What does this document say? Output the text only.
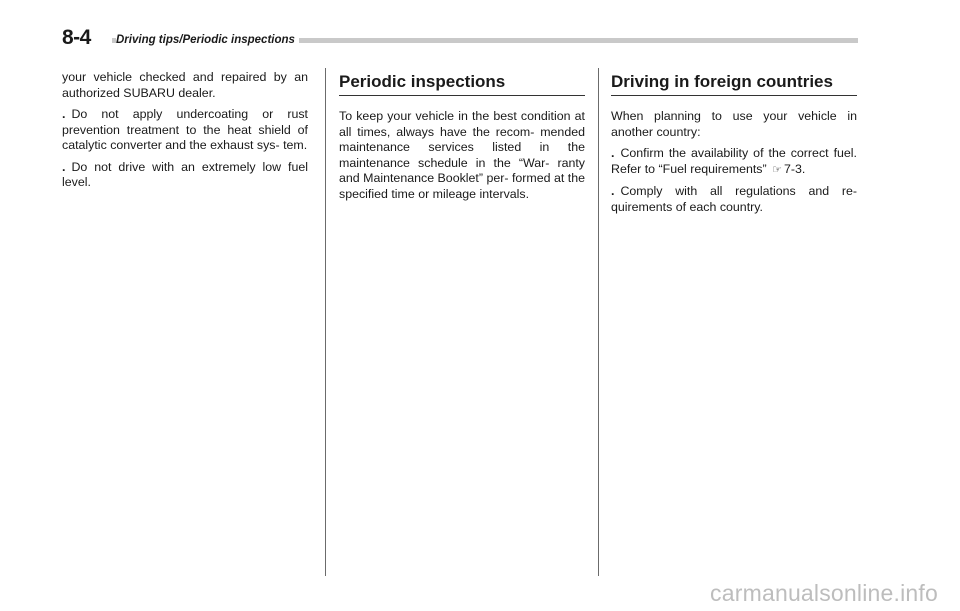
8-4 Driving tips/Periodic inspections

your vehicle checked and repaired by an authorized SUBARU dealer.

. Do not apply undercoating or rust prevention treatment to the heat shield of catalytic converter and the exhaust sys- tem.

. Do not drive with an extremely low fuel level.

Periodic inspections

To keep your vehicle in the best condition at all times, always have the recom- mended maintenance services listed in the maintenance schedule in the “War- ranty and Maintenance Booklet” per- formed at the specified time or mileage intervals.

Driving in foreign countries

When planning to use your vehicle in another country:

. Confirm the availability of the correct fuel. Refer to “Fuel requirements” ☞ 7-3.

. Comply with all regulations and re- quirements of each country.

carmanualsonline.info
